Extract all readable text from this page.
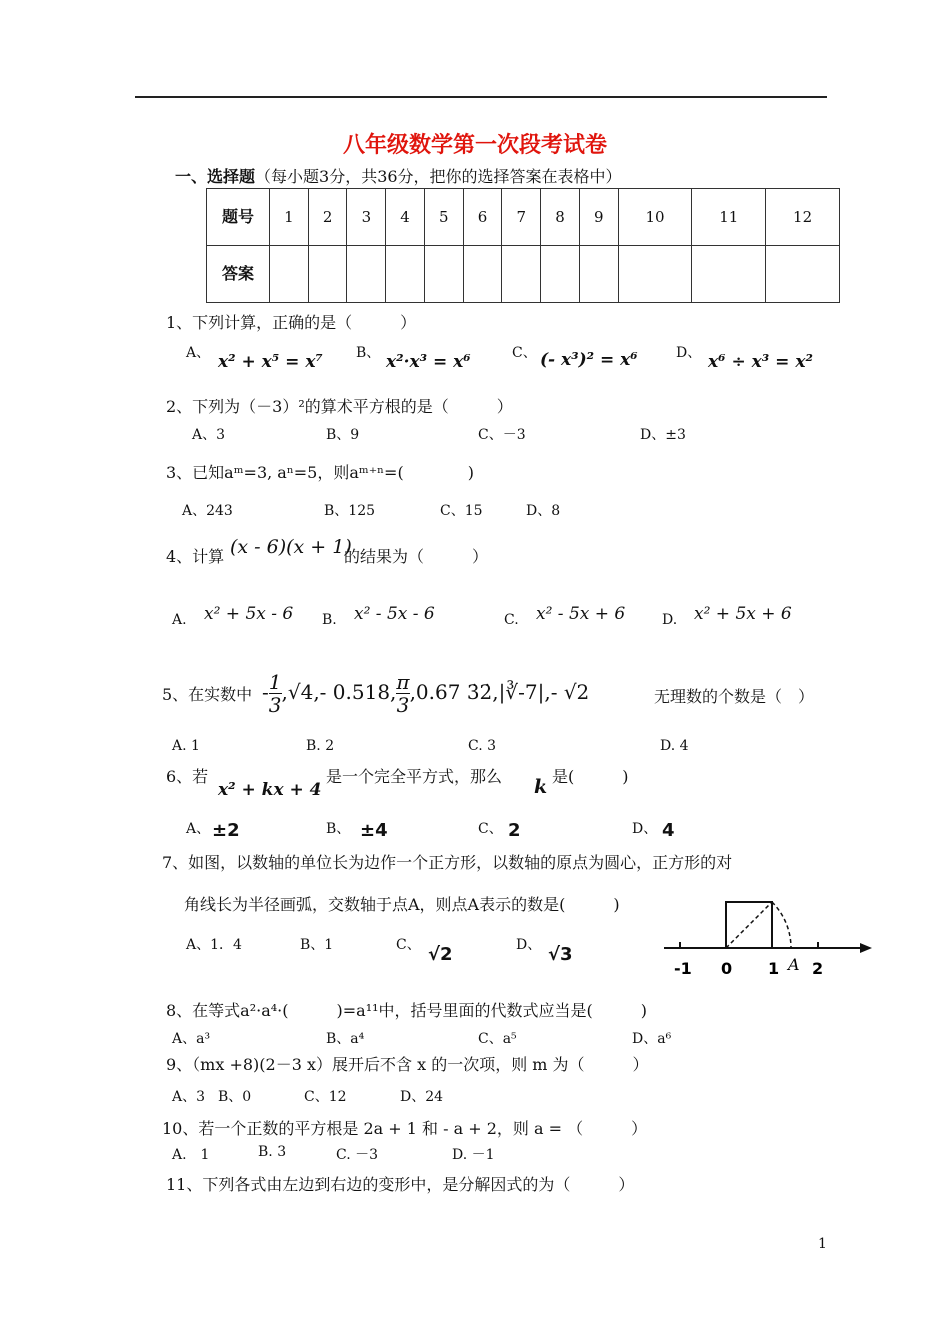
八年级数学第一次段考试卷
一、选择题（每小题3分，共36分，把你的选择答案在表格中）
题号	1	2	3	4	5	6	7	8	9	10	11	12
答案												
1、下列计算，正确的是（　　　）
A、 x² + x⁵ = x⁷ B、 x²·x³ = x⁶	C、 (- x³)² = x⁶	D、 x⁶ ÷ x³ = x²
2、下列为（－3）²的算术平方根的是（　　　）
A、3	B、9	C、－3	D、±3
3、已知aᵐ=3, aⁿ=5，则aᵐ⁺ⁿ=(　　　　)
A、243	B、125	C、15	D、8
4、计算 (x - 6)(x + 1)
的结果为（　　　）
A. x² + 5x - 6 B. x² - 5x - 6	C. x² - 5x + 6	D. x² + 5x + 6
5、在实数中 - $\frac{1}{3} ,√4,-$ 0.518, $\frac{\pi}{3} ,0.67$ 3̇2̇,|∛-7|,- √2	无理数的个数是（　）
A. 1	B. 2	C. 3	D. 4
6、若
x² + kx + 4
是一个完全平方式，那么 k 是(　　　)
A、 ±2	B、 ±4	C、 2	D、 4
7、如图，以数轴的单位长为边作一个正方形，以数轴的原点为圆心，正方形的对
角线长为半径画弧，交数轴于点A，则点A表示的数是(　　　)
A、1．4	B、1	C、 √2	D、 √3
-1 0 1 A 2
8、在等式a²·a⁴·(　　　)=a¹¹中，括号里面的代数式应当是(　　　)
A、a³	B、a⁴	C、a⁵	D、a⁶
9、（mx +8)(2－3 x）展开后不含 x 的一次项，则 m 为（　　　）
A、3 B、0	C、12	D、24
10、若一个正数的平方根是 2a + 1 和 - a + 2，则 a = （　　　）
A.　1	B. 3	C. －3	D. －1
11、下列各式由左边到右边的变形中，是分解因式的为（　　　）
1
